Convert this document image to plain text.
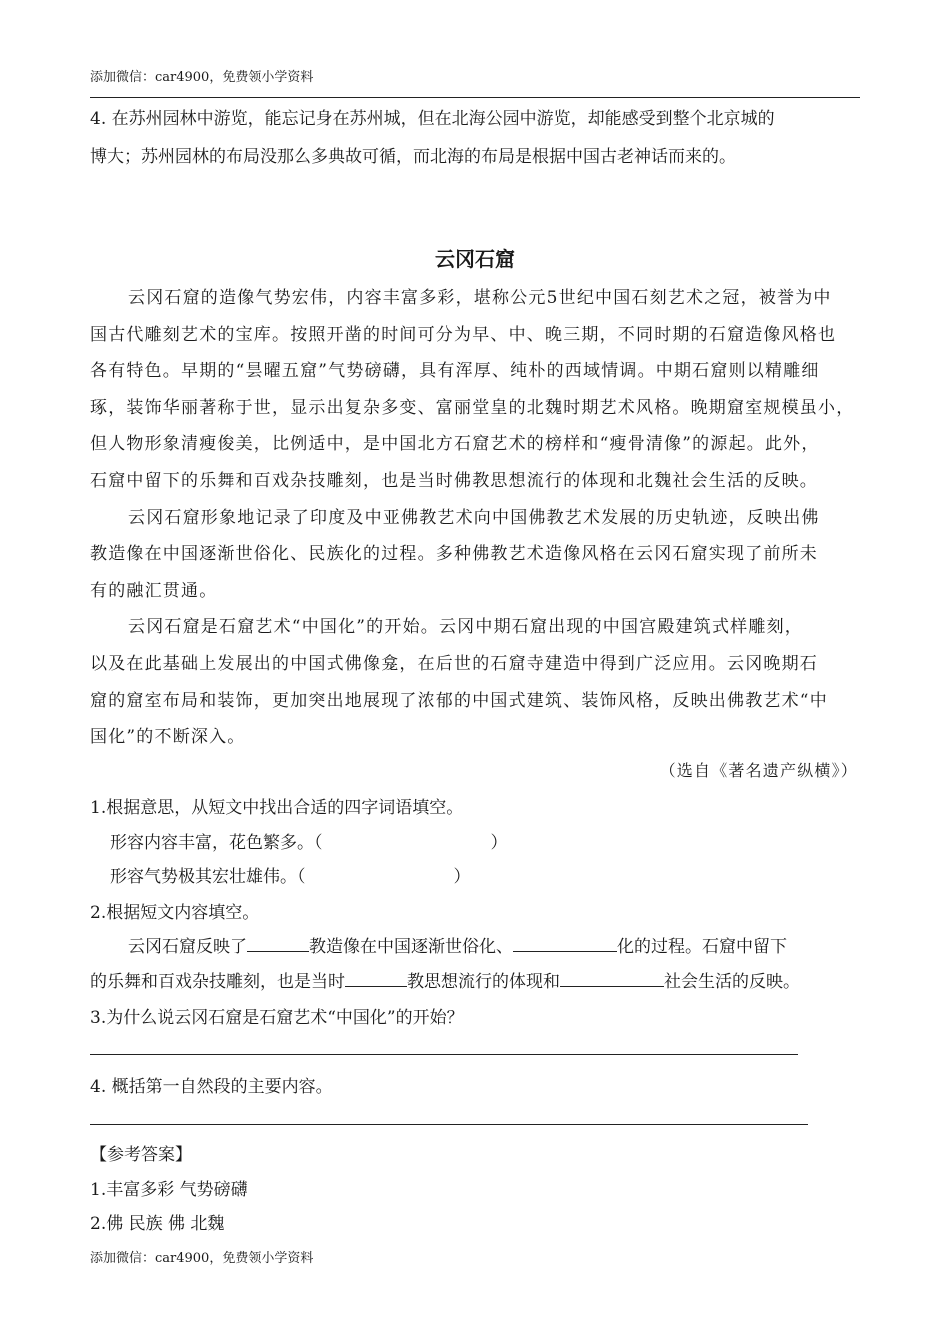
添加微信：car4900，免费领小学资料
4. 在苏州园林中游览，能忘记身在苏州城，但在北海公园中游览，却能感受到整个北京城的
博大；苏州园林的布局没那么多典故可循，而北海的布局是根据中国古老神话而来的。
云冈石窟
云冈石窟的造像气势宏伟，内容丰富多彩，堪称公元5世纪中国石刻艺术之冠，被誉为中
国古代雕刻艺术的宝库。按照开凿的时间可分为早、中、晚三期，不同时期的石窟造像风格也
各有特色。早期的“昙曜五窟”气势磅礴，具有浑厚、纯朴的西域情调。中期石窟则以精雕细
琢，装饰华丽著称于世，显示出复杂多变、富丽堂皇的北魏时期艺术风格。晚期窟室规模虽小，
但人物形象清瘦俊美，比例适中，是中国北方石窟艺术的榜样和“瘦骨清像”的源起。此外，
石窟中留下的乐舞和百戏杂技雕刻，也是当时佛教思想流行的体现和北魏社会生活的反映。
云冈石窟形象地记录了印度及中亚佛教艺术向中国佛教艺术发展的历史轨迹，反映出佛
教造像在中国逐渐世俗化、民族化的过程。多种佛教艺术造像风格在云冈石窟实现了前所未
有的融汇贯通。
云冈石窟是石窟艺术“中国化”的开始。云冈中期石窟出现的中国宫殿建筑式样雕刻，
以及在此基础上发展出的中国式佛像龛，在后世的石窟寺建造中得到广泛应用。云冈晚期石
窟的窟室布局和装饰，更加突出地展现了浓郁的中国式建筑、装饰风格，反映出佛教艺术“中
国化”的不断深入。
（选自《著名遗产纵横》）
1.根据意思，从短文中找出合适的四字词语填空。
形容内容丰富，花色繁多。（	）
形容气势极其宏壮雄伟。（	）
2.根据短文内容填空。
云冈石窟反映了	教造像在中国逐渐世俗化、	化的过程。石窟中留下
的乐舞和百戏杂技雕刻，也是当时	教思想流行的体现和	社会生活的反映。
3.为什么说云冈石窟是石窟艺术“中国化”的开始？
4. 概括第一自然段的主要内容。
【参考答案】
1.丰富多彩 气势磅礴
2.佛 民族 佛 北魏
添加微信：car4900，免费领小学资料
